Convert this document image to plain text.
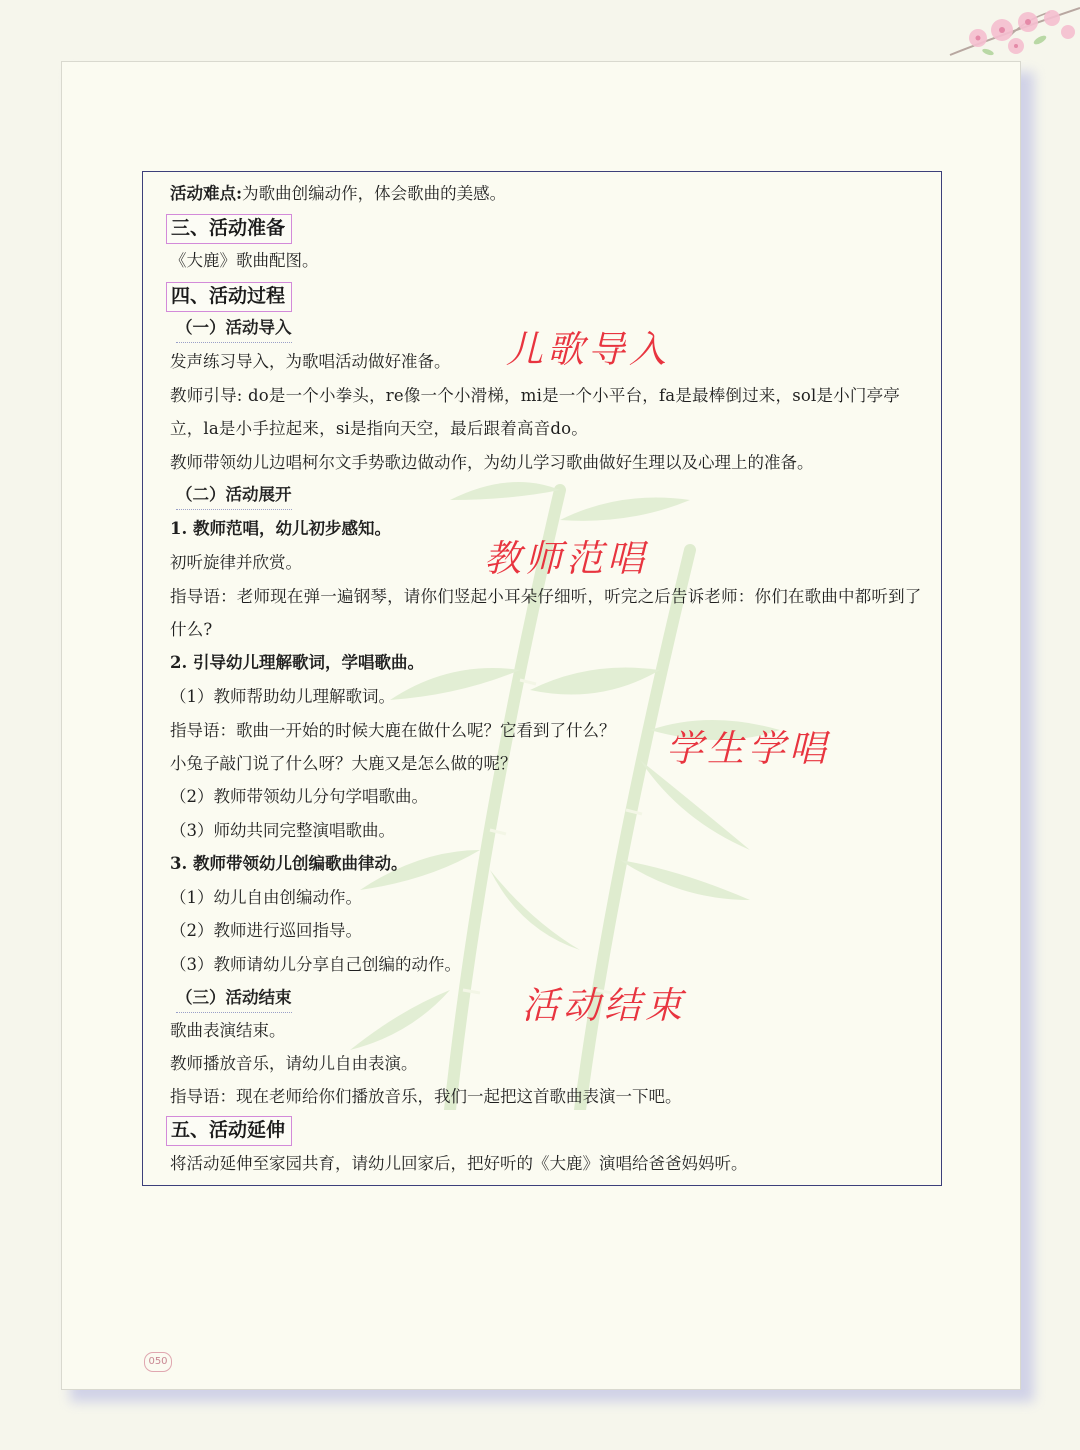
活动难点:为歌曲创编动作，体会歌曲的美感。
三、活动准备
《大鹿》歌曲配图。
四、活动过程
（一）活动导入
发声练习导入，为歌唱活动做好准备。
教师引导: do是一个小拳头，re像一个小滑梯，mi是一个小平台，fa是最棒倒过来，sol是小门亭亭立，la是小手拉起来，si是指向天空，最后跟着高音do。
教师带领幼儿边唱柯尔文手势歌边做动作，为幼儿学习歌曲做好生理以及心理上的准备。
（二）活动展开
1. 教师范唱，幼儿初步感知。
初听旋律并欣赏。
指导语：老师现在弹一遍钢琴，请你们竖起小耳朵仔细听，听完之后告诉老师：你们在歌曲中都听到了什么?
2. 引导幼儿理解歌词，学唱歌曲。
（1）教师帮助幼儿理解歌词。
指导语：歌曲一开始的时候大鹿在做什么呢？它看到了什么？
小兔子敲门说了什么呀？大鹿又是怎么做的呢？
（2）教师带领幼儿分句学唱歌曲。
（3）师幼共同完整演唱歌曲。
3. 教师带领幼儿创编歌曲律动。
（1）幼儿自由创编动作。
（2）教师进行巡回指导。
（3）教师请幼儿分享自己创编的动作。
（三）活动结束
歌曲表演结束。
教师播放音乐，请幼儿自由表演。
指导语：现在老师给你们播放音乐，我们一起把这首歌曲表演一下吧。
五、活动延伸
将活动延伸至家园共育，请幼儿回家后，把好听的《大鹿》演唱给爸爸妈妈听。
儿歌导入
教师范唱
学生学唱
活动结束
050
